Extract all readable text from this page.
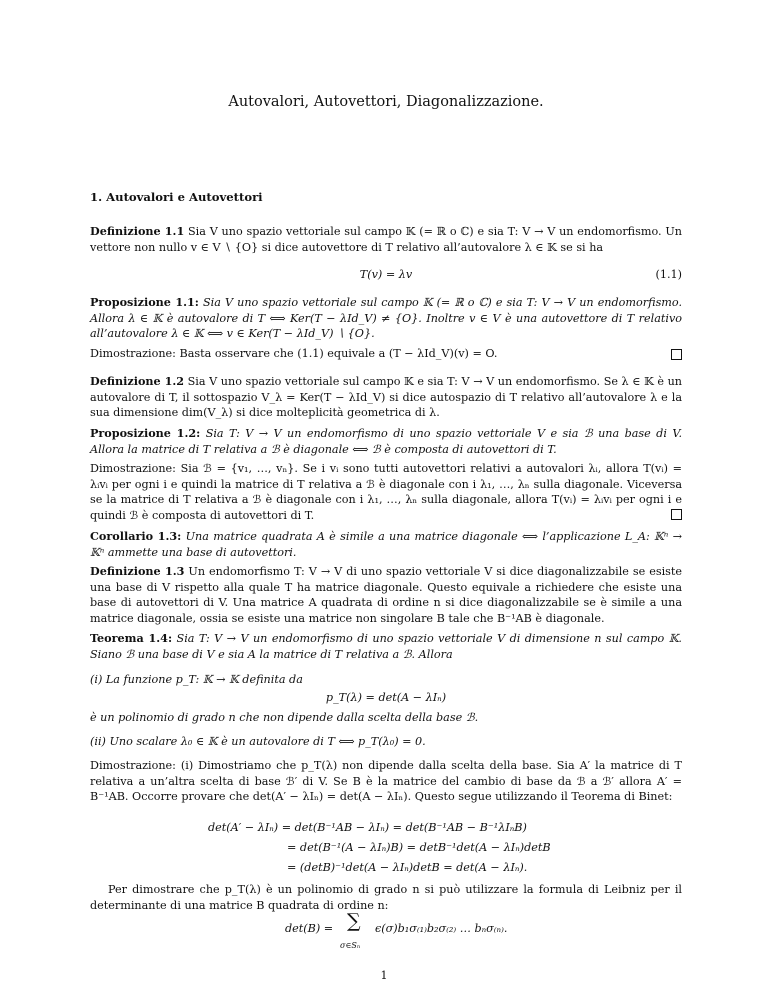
Autovalori, Autovettori, Diagonalizzazione.
1. Autovalori e Autovettori
Definizione 1.1 Sia V uno spazio vettoriale sul campo 𝕂 (= ℝ o ℂ) e sia T: V → V un endomorfismo. Un vettore non nullo v ∈ V ∖ {O} si dice autovettore di T relativo all’autovalore λ ∈ 𝕂 se si ha
T(v) = λv	(1.1)
Proposizione 1.1: Sia V uno spazio vettoriale sul campo 𝕂 (= ℝ o ℂ) e sia T: V → V un endomorfismo. Allora λ ∈ 𝕂 è autovalore di T ⟺ Ker(T − λId_V) ≠ {O}. Inoltre v ∈ V è una autovettore di T relativo all’autovalore λ ∈ 𝕂 ⟺ v ∈ Ker(T − λId_V) ∖ {O}.
Dimostrazione: Basta osservare che (1.1) equivale a (T − λId_V)(v) = O.
Definizione 1.2 Sia V uno spazio vettoriale sul campo 𝕂 e sia T: V → V un endomorfismo. Se λ ∈ 𝕂 è un autovalore di T, il sottospazio V_λ = Ker(T − λId_V) si dice autospazio di T relativo all’autovalore λ e la sua dimensione dim(V_λ) si dice molteplicità geometrica di λ.
Proposizione 1.2: Sia T: V → V un endomorfismo di uno spazio vettoriale V e sia ℬ una base di V. Allora la matrice di T relativa a ℬ è diagonale ⟺ ℬ è composta di autovettori di T.
Dimostrazione: Sia ℬ = {v₁, …, vₙ}. Se i vᵢ sono tutti autovettori relativi a autovalori λᵢ, allora T(vᵢ) = λᵢvᵢ per ogni i e quindi la matrice di T relativa a ℬ è diagonale con i λ₁, …, λₙ sulla diagonale. Viceversa se la matrice di T relativa a ℬ è diagonale con i λ₁, …, λₙ sulla diagonale, allora T(vᵢ) = λᵢvᵢ per ogni i e quindi ℬ è composta di autovettori di T.
Corollario 1.3: Una matrice quadrata A è simile a una matrice diagonale ⟺ l’applicazione L_A: 𝕂ⁿ → 𝕂ⁿ ammette una base di autovettori.
Definizione 1.3 Un endomorfismo T: V → V di uno spazio vettoriale V si dice diagonalizzabile se esiste una base di V rispetto alla quale T ha matrice diagonale. Questo equivale a richiedere che esiste una base di autovettori di V. Una matrice A quadrata di ordine n si dice diagonalizzabile se è simile a una matrice diagonale, ossia se esiste una matrice non singolare B tale che B⁻¹AB è diagonale.
Teorema 1.4: Sia T: V → V un endomorfismo di uno spazio vettoriale V di dimensione n sul campo 𝕂. Siano ℬ una base di V e sia A la matrice di T relativa a ℬ. Allora
(i) La funzione p_T: 𝕂 → 𝕂 definita da
p_T(λ) = det(A − λIₙ)
è un polinomio di grado n che non dipende dalla scelta della base ℬ.
(ii) Uno scalare λ₀ ∈ 𝕂 è un autovalore di T ⟺ p_T(λ₀) = 0.
Dimostrazione: (i) Dimostriamo che p_T(λ) non dipende dalla scelta della base. Sia A′ la matrice di T relativa a un’altra scelta di base ℬ′ di V. Se B è la matrice del cambio di base da ℬ a ℬ′ allora A′ = B⁻¹AB. Occorre provare che det(A′ − λIₙ) = det(A − λIₙ). Questo segue utilizzando il Teorema di Binet:
det(A′ − λIₙ) = det(B⁻¹AB − λIₙ) = det(B⁻¹AB − B⁻¹λIₙB)
= det(B⁻¹(A − λIₙ)B) = detB⁻¹det(A − λIₙ)detB
= (detB)⁻¹det(A − λIₙ)detB = det(A − λIₙ).
Per dimostrare che p_T(λ) è un polinomio di grado n si può utilizzare la formula di Leibniz per il determinante di una matrice B quadrata di ordine n:
det(B) = ∑
σ∈Sₙ
ϵ(σ)b₁σ₍₁₎b₂σ₍₂₎ … bₙσ₍ₙ₎.
1
